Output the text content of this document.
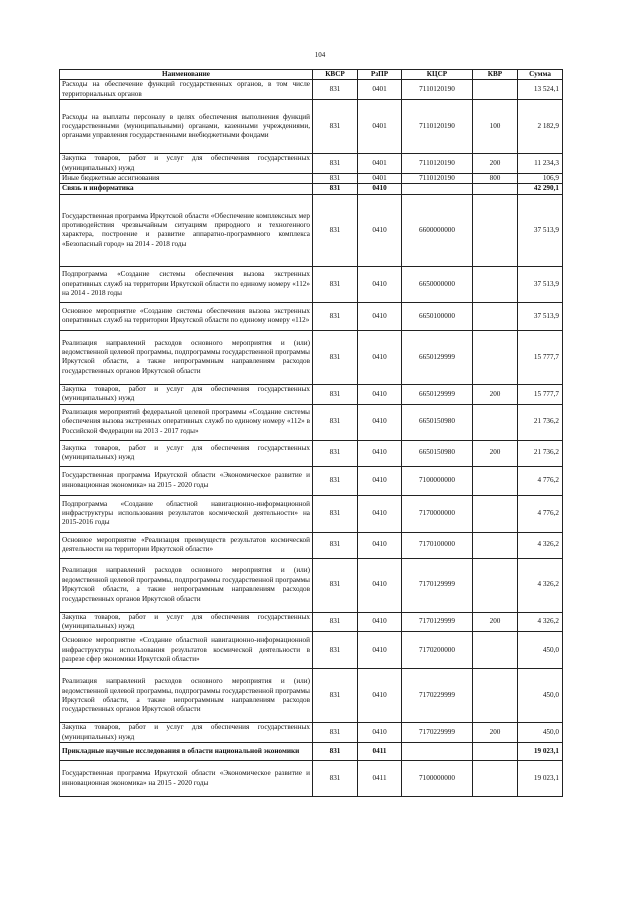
104
Наименование	КВСР	РзПР	КЦСР	КВР	Сумма
Расходы на обеспечение функций государственных органов, в том числе территориальных органов	831	0401	7110120190		13 524,1
Расходы на выплаты персоналу в целях обеспечения выполнения функций государственными (муниципальными) органами, казенными учреждениями, органами управления государственными внебюджетными фондами	831	0401	7110120190	100	2 182,9
Закупка товаров, работ и услуг для обеспечения государственных (муниципальных) нужд	831	0401	7110120190	200	11 234,3
Иные бюджетные ассигнования	831	0401	7110120190	800	106,9
Связь и информатика	831	0410			42 290,1
Государственная программа Иркутской области «Обеспечение комплексных мер противодействия чрезвычайным ситуациям природного и техногенного характера, построение и развитие аппаратно-программного комплекса «Безопасный город» на 2014 - 2018 годы	831	0410	6600000000		37 513,9
Подпрограмма «Создание системы обеспечения вызова экстренных оперативных служб на территории Иркутской области по единому номеру «112» на 2014 - 2018 годы	831	0410	6650000000		37 513,9
Основное мероприятие «Создание системы обеспечения вызова экстренных оперативных служб на территории Иркутской области по единому номеру «112»	831	0410	6650100000		37 513,9
Реализация направлений расходов основного мероприятия и (или) ведомственной целевой программы, подпрограммы государственной программы Иркутской области, а также непрограммным направлениям расходов государственных органов Иркутской области	831	0410	6650129999		15 777,7
Закупка товаров, работ и услуг для обеспечения государственных (муниципальных) нужд	831	0410	6650129999	200	15 777,7
Реализация мероприятий федеральной целевой программы «Создание системы обеспечения вызова экстренных оперативных служб по единому номеру «112» в Российской Федерации на 2013 - 2017 годы»	831	0410	6650150980		21 736,2
Закупка товаров, работ и услуг для обеспечения государственных (муниципальных) нужд	831	0410	6650150980	200	21 736,2
Государственная программа Иркутской области «Экономическое развитие и инновационная экономика» на 2015 - 2020 годы	831	0410	7100000000		4 776,2
Подпрограмма «Создание областной навигационно-информационной инфраструктуры использования результатов космической деятельности» на 2015-2016 годы	831	0410	7170000000		4 776,2
Основное мероприятие «Реализация преимуществ результатов космической деятельности на территории Иркутской области»	831	0410	7170100000		4 326,2
Реализация направлений расходов основного мероприятия и (или) ведомственной целевой программы, подпрограммы государственной программы Иркутской области, а также непрограммным направлениям расходов государственных органов Иркутской области	831	0410	7170129999		4 326,2
Закупка товаров, работ и услуг для обеспечения государственных (муниципальных) нужд	831	0410	7170129999	200	4 326,2
Основное мероприятие «Создание областной навигационно-информационной инфраструктуры использования результатов космической деятельности в разрезе сфер экономики Иркутской области»	831	0410	7170200000		450,0
Реализация направлений расходов основного мероприятия и (или) ведомственной целевой программы, подпрограммы государственной программы Иркутской области, а также непрограммным направлениям расходов государственных органов Иркутской области	831	0410	7170229999		450,0
Закупка товаров, работ и услуг для обеспечения государственных (муниципальных) нужд	831	0410	7170229999	200	450,0
Прикладные научные исследования в области национальной экономики	831	0411			19 023,1
Государственная программа Иркутской области «Экономическое развитие и инновационная экономика» на 2015 - 2020 годы	831	0411	7100000000		19 023,1
